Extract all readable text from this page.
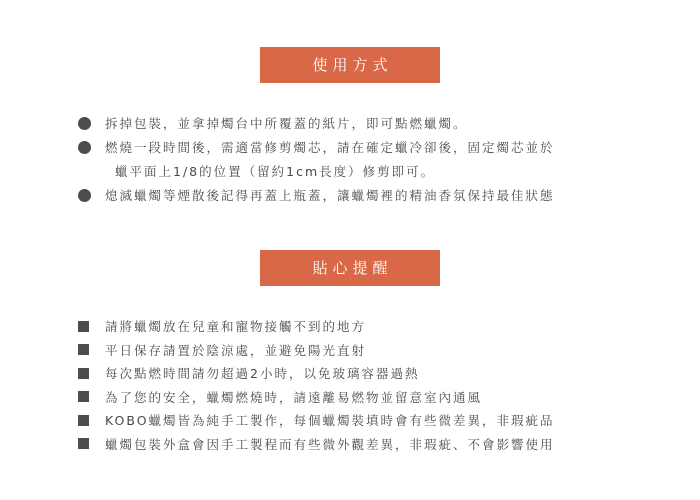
使用方式
拆掉包裝，並拿掉燭台中所覆蓋的紙片，即可點燃蠟燭。
燃燒一段時間後，需適當修剪燭芯，請在確定蠟冷卻後，固定燭芯並於
蠟平面上1/8的位置（留約1cm長度）修剪即可。
熄滅蠟燭等煙散後記得再蓋上瓶蓋，讓蠟燭裡的精油香氛保持最佳狀態
貼心提醒
請將蠟燭放在兒童和寵物接觸不到的地方
平日保存請置於陰涼處，並避免陽光直射
每次點燃時間請勿超過2小時，以免玻璃容器過熱
為了您的安全，蠟燭燃燒時，請遠離易燃物並留意室內通風
KOBO蠟燭皆為純手工製作，每個蠟燭裝填時會有些微差異，非瑕疵品
蠟燭包裝外盒會因手工製程而有些微外觀差異，非瑕疵、不會影響使用
